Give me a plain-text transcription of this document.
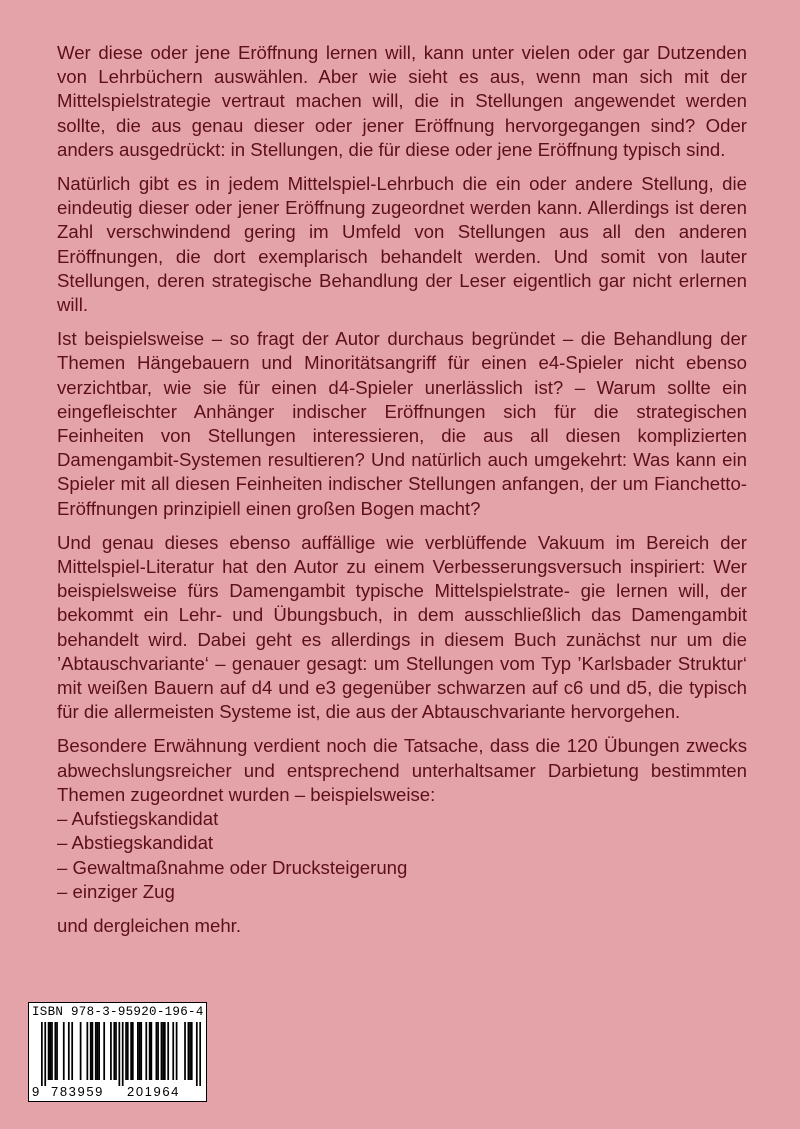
Wer diese oder jene Eröffnung lernen will, kann unter vielen oder gar Dutzenden von Lehrbüchern auswählen. Aber wie sieht es aus, wenn man sich mit der Mittelspielstrategie vertraut machen will, die in Stellungen angewendet werden sollte, die aus genau dieser oder jener Eröffnung hervorgegangen sind? Oder anders ausgedrückt: in Stellungen, die für diese oder jene Eröffnung typisch sind.

Natürlich gibt es in jedem Mittelspiel-Lehrbuch die ein oder andere Stellung, die eindeutig dieser oder jener Eröffnung zugeordnet werden kann. Allerdings ist deren Zahl verschwindend gering im Umfeld von Stellungen aus all den anderen Eröffnungen, die dort exemplarisch behandelt werden. Und somit von lauter Stellungen, deren strategische Behandlung der Leser eigentlich gar nicht erlernen will.

Ist beispielsweise – so fragt der Autor durchaus begründet – die Behandlung der Themen Hängebauern und Minoritätsangriff für einen e4-Spieler nicht ebenso verzichtbar, wie sie für einen d4-Spieler unerlässlich ist? – Warum sollte ein eingefleischter Anhänger indischer Eröffnungen sich für die strategischen Feinheiten von Stellungen interessieren, die aus all diesen komplizierten Damengambit-Systemen resultieren? Und natürlich auch umgekehrt: Was kann ein Spieler mit all diesen Feinheiten indischer Stellungen anfangen, der um Fianchetto-Eröffnungen prinzipiell einen großen Bogen macht?

Und genau dieses ebenso auffällige wie verblüffende Vakuum im Bereich der Mittelspiel-Literatur hat den Autor zu einem Verbesserungsversuch inspiriert: Wer beispielsweise fürs Damengambit typische Mittelspielstrate- gie lernen will, der bekommt ein Lehr- und Übungsbuch, in dem ausschließlich das Damengambit behandelt wird. Dabei geht es allerdings in diesem Buch zunächst nur um die ’Abtauschvariante‘ – genauer gesagt: um Stellungen vom Typ ’Karlsbader Struktur‘ mit weißen Bauern auf d4 und e3 gegenüber schwarzen auf c6 und d5, die typisch für die allermeisten Systeme ist, die aus der Abtauschvariante hervorgehen.

Besondere Erwähnung verdient noch die Tatsache, dass die 120 Übungen zwecks abwechslungsreicher und entsprechend unterhaltsamer Darbietung bestimmten Themen zugeordnet wurden – beispielsweise:

– Aufstiegskandidat
– Abstiegskandidat
– Gewaltmaßnahme oder Drucksteigerung
– einziger Zug

und dergleichen mehr.

ISBN 978-3-95920-196-4
9 783959 201964
